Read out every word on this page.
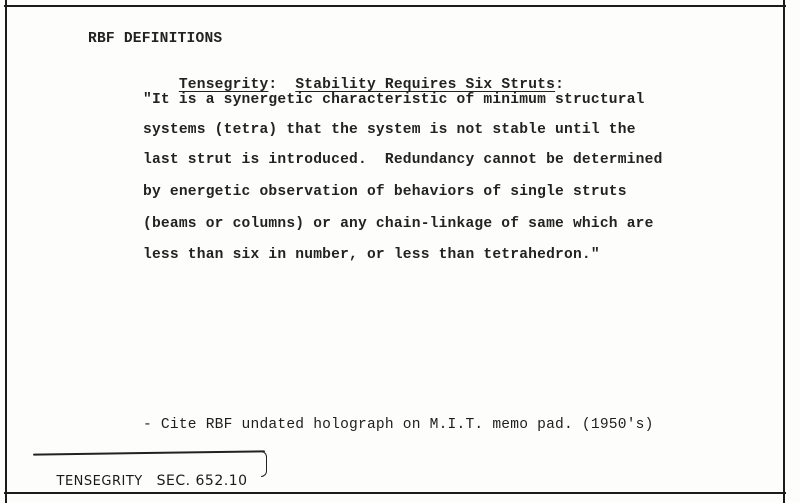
RBF DEFINITIONS

Tensegrity: Stability Requires Six Struts:

"It is a synergetic characteristic of minimum structural
systems (tetra) that the system is not stable until the
last strut is introduced.  Redundancy cannot be determined
by energetic observation of behaviors of single struts
(beams or columns) or any chain-linkage of same which are
less than six in number, or less than tetrahedron."
- Cite RBF undated holograph on M.I.T. memo pad. (1950's)

TENSEGRITY SEC. 652.10
